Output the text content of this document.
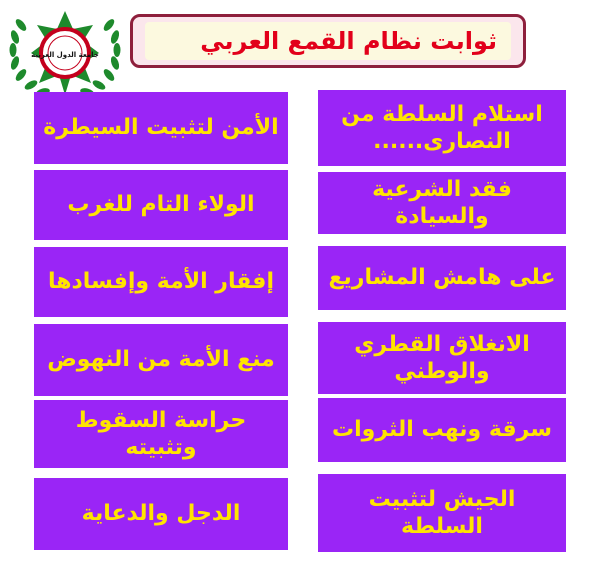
جامعة الدول العربية	ثوابت نظام القمع العربي
استلام السلطة من النصارى......
فقد الشرعية والسيادة
على هامش المشاريع
الانغلاق القطري والوطني
سرقة ونهب الثروات
الجيش لتثبيت السلطة
الأمن لتثبيت السيطرة
الولاء التام للغرب
إفقار الأمة وإفسادها
منع الأمة من النهوض
حراسة السقوط وتثبيته
الدجل والدعاية
